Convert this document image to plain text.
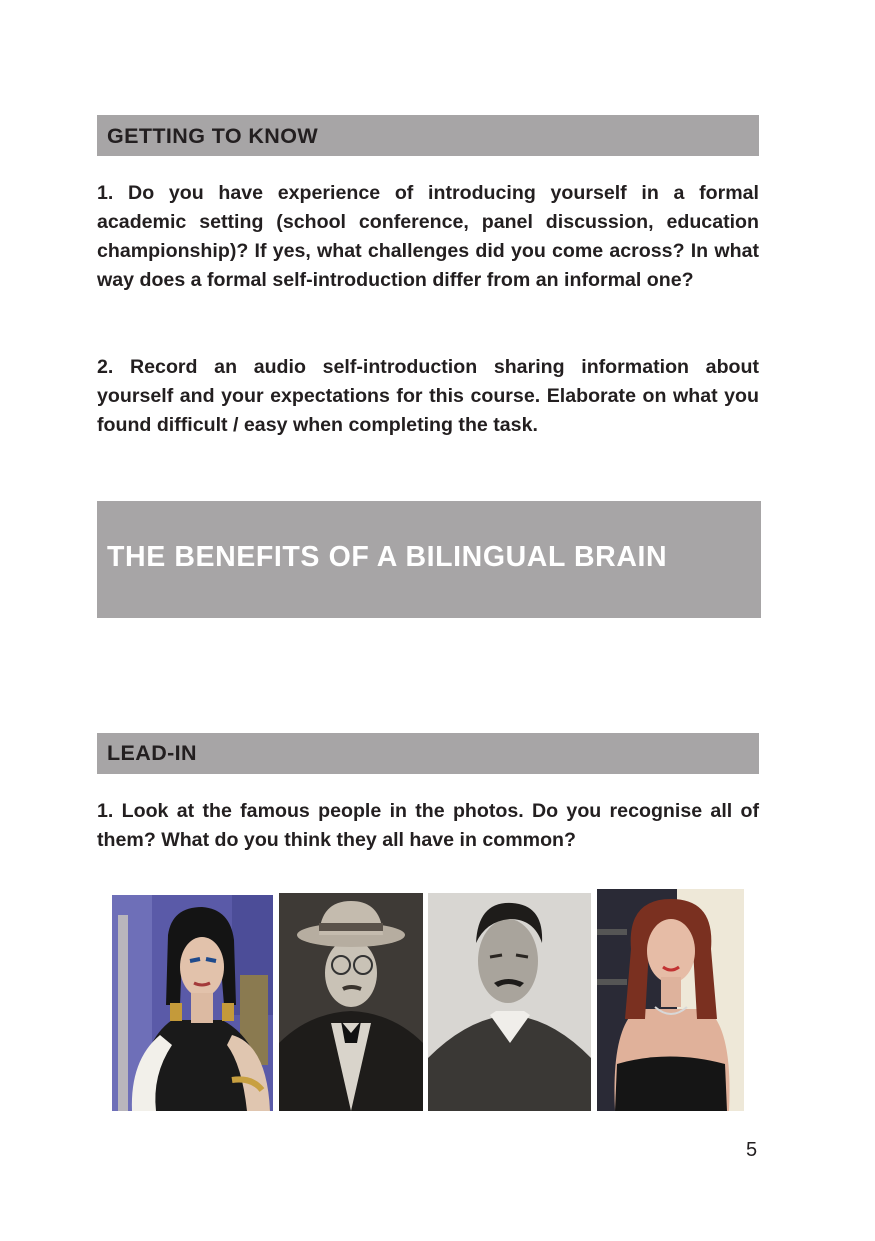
GETTING TO KNOW

1. Do you have experience of introducing yourself in a formal academic setting (school conference, panel discussion, education championship)? If yes, what challenges did you come across? In what way does a formal self-introduction differ from an informal one?

2. Record an audio self-introduction sharing information about yourself and your expectations for this course. Elaborate on what you found difficult / easy when completing the task.

THE BENEFITS OF A BILINGUAL BRAIN
LEAD-IN

1. Look at the famous people in the photos. Do you recognise all of them? What do you think they all have in common?

5
